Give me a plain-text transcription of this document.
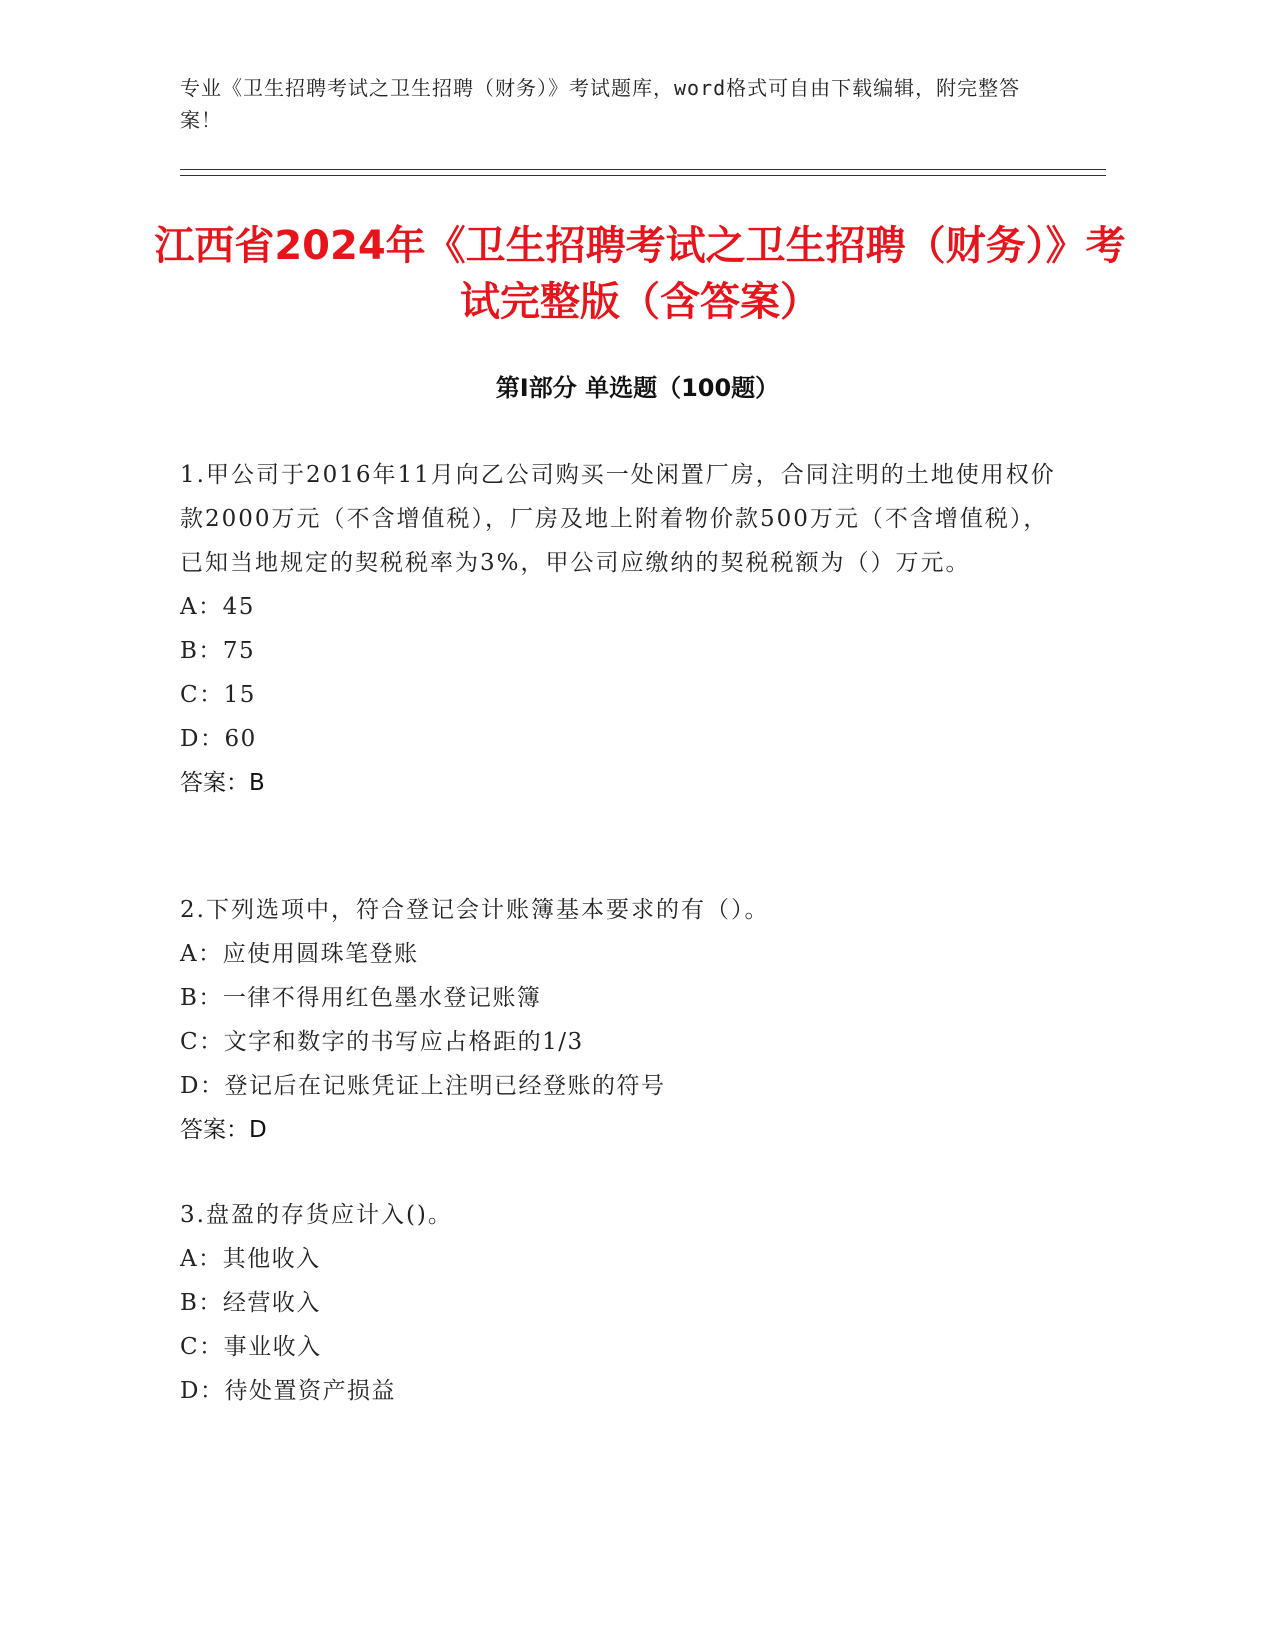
专业《卫生招聘考试之卫生招聘（财务）》考试题库，word格式可自由下载编辑，附完整答案！
江西省2024年《卫生招聘考试之卫生招聘（财务）》考试完整版（含答案）
第Ⅰ部分 单选题（100题）

1.甲公司于2016年11月向乙公司购买一处闲置厂房，合同注明的土地使用权价款2000万元（不含增值税），厂房及地上附着物价款500万元（不含增值税），已知当地规定的契税税率为3%，甲公司应缴纳的契税税额为（）万元。

A：45

B：75

C：15

D：60

答案：B

2.下列选项中，符合登记会计账簿基本要求的有（）。

A：应使用圆珠笔登账

B：一律不得用红色墨水登记账簿

C：文字和数字的书写应占格距的1/3

D：登记后在记账凭证上注明已经登账的符号

答案：D

3.盘盈的存货应计入()。

A：其他收入

B：经营收入

C：事业收入

D：待处置资产损益
